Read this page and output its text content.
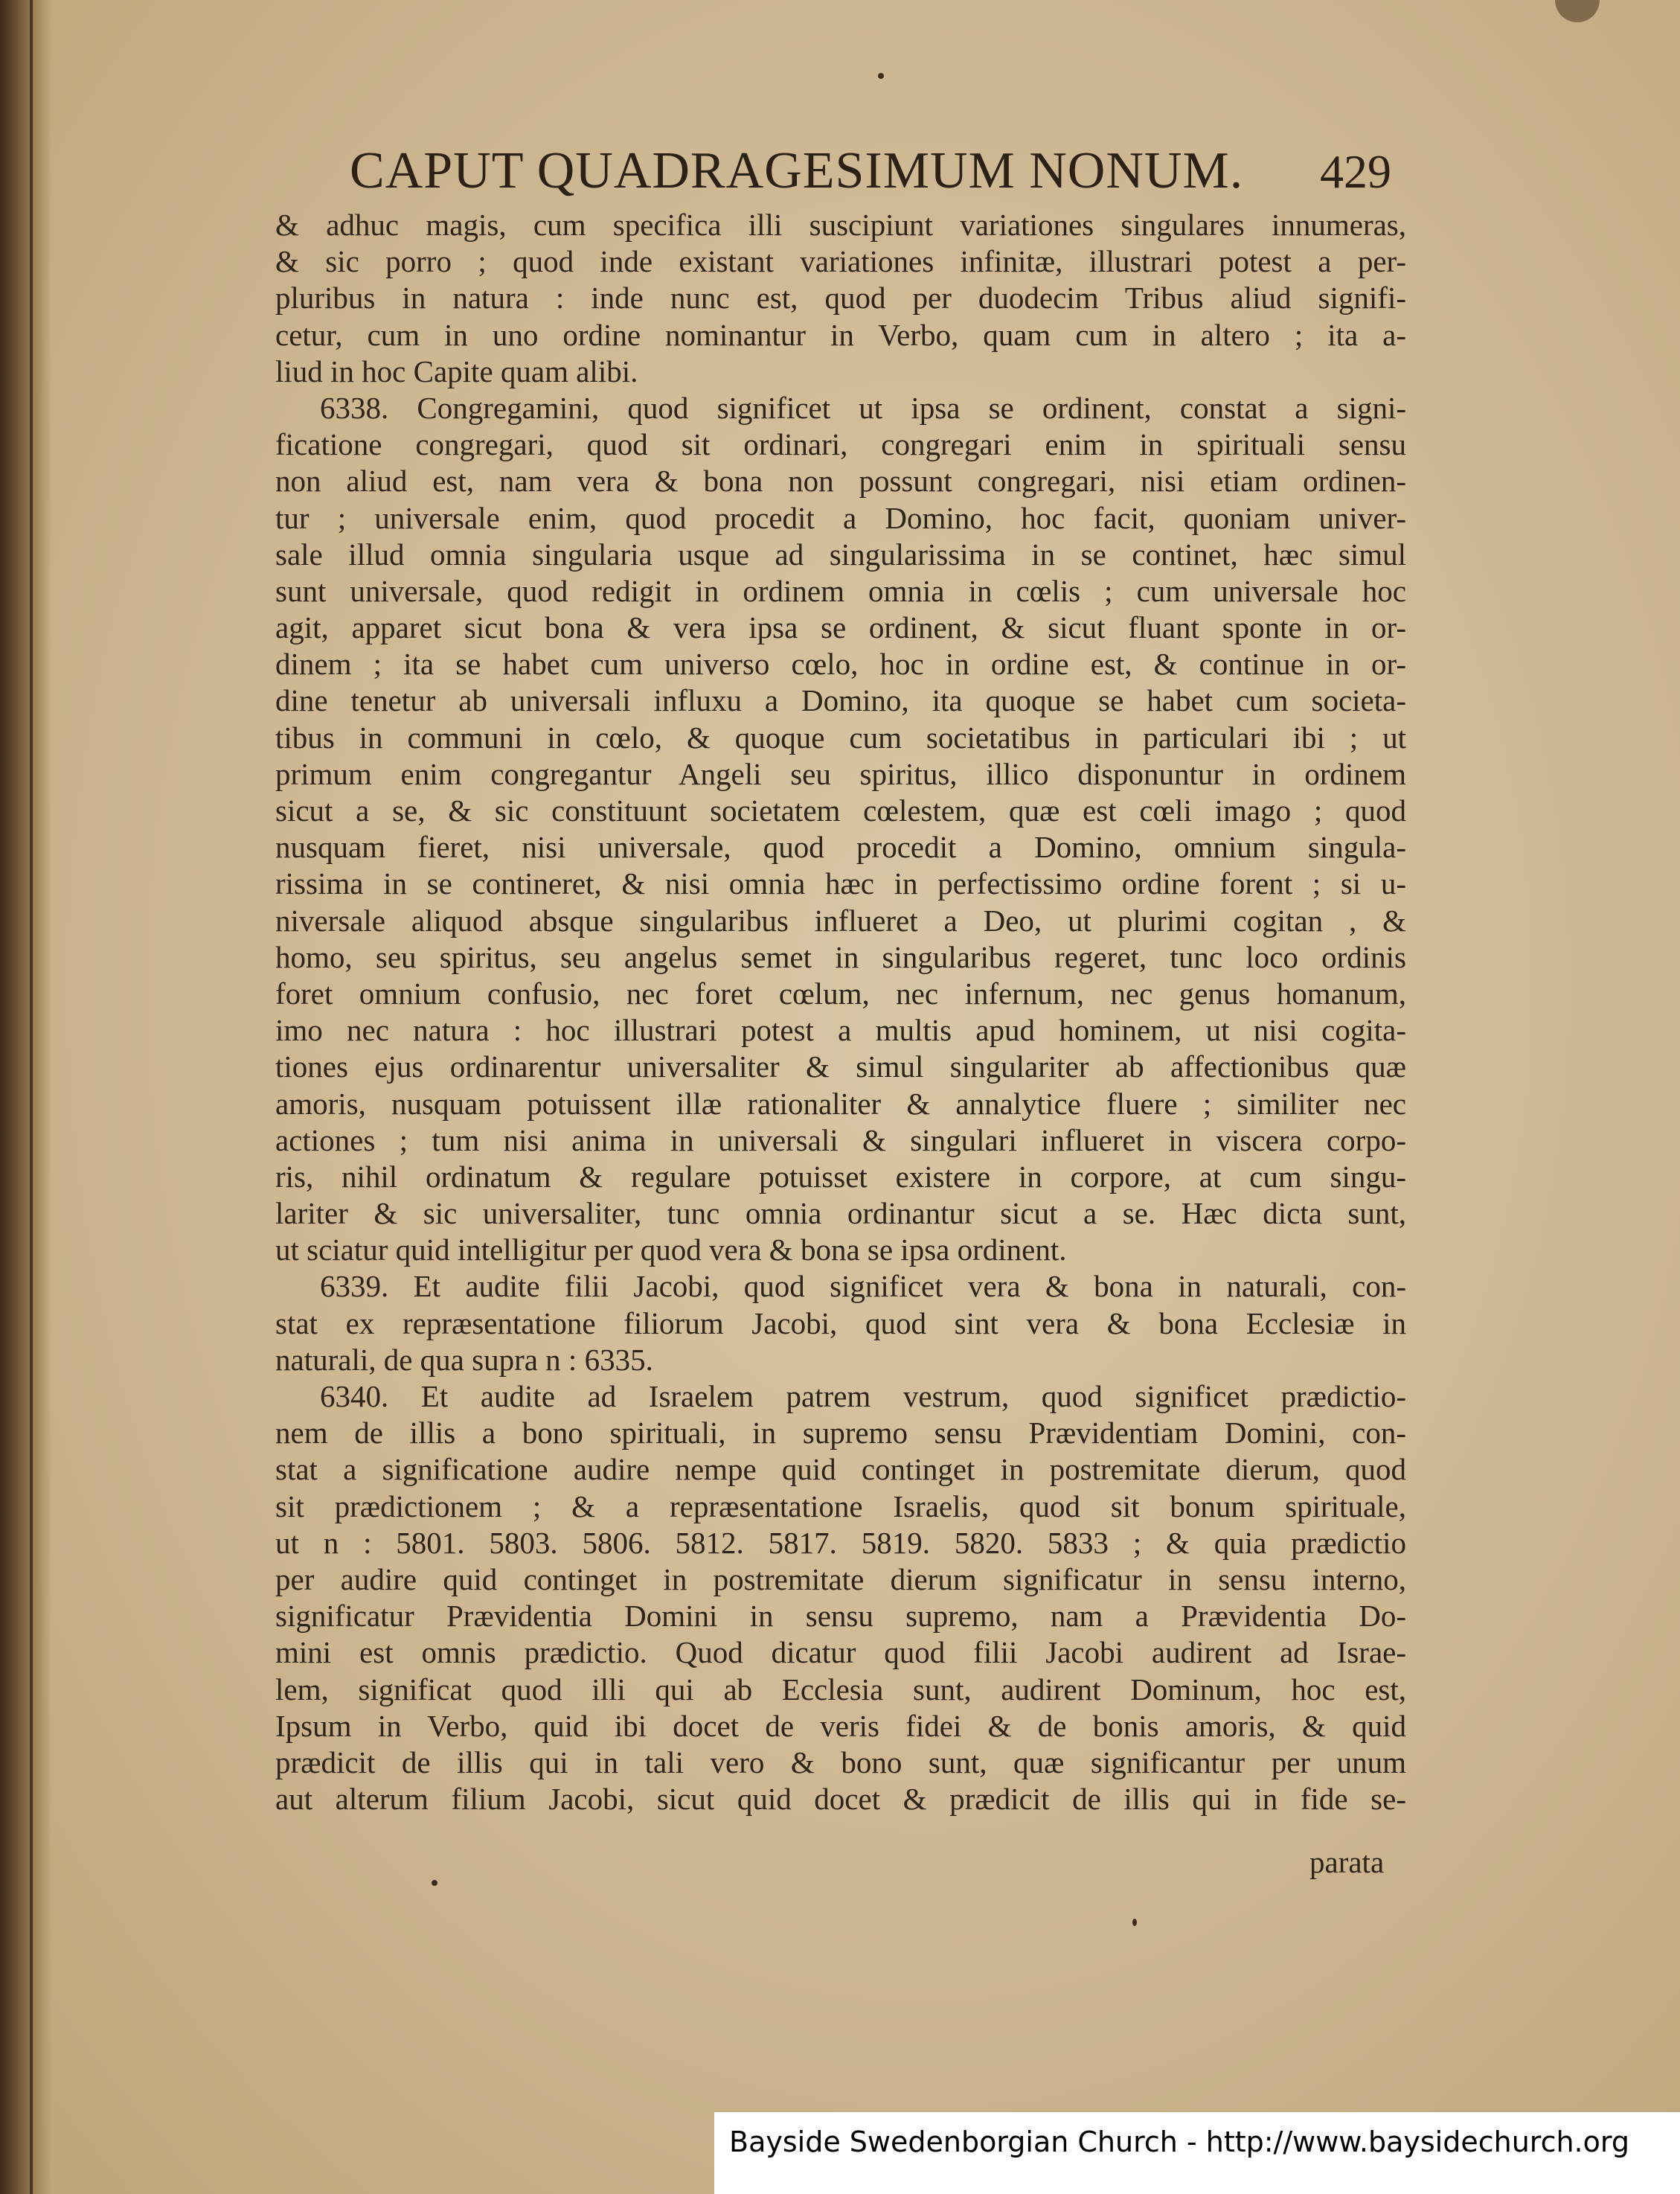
CAPUT QUADRAGESIMUM NONUM. 429
& adhuc magis, cum specifica illi suscipiunt variationes singulares innumeras,
& sic porro ; quod inde existant variationes infinitæ, illustrari potest a per-
pluribus in natura : inde nunc est, quod per duodecim Tribus aliud signifi-
cetur, cum in uno ordine nominantur in Verbo, quam cum in altero ; ita a-
liud in hoc Capite quam alibi.
6338. Congregamini, quod significet ut ipsa se ordinent, constat a signi-
ficatione congregari, quod sit ordinari, congregari enim in spirituali sensu
non aliud est, nam vera & bona non possunt congregari, nisi etiam ordinen-
tur ; universale enim, quod procedit a Domino, hoc facit, quoniam univer-
sale illud omnia singularia usque ad singularissima in se continet, hæc simul
sunt universale, quod redigit in ordinem omnia in cœlis ; cum universale hoc
agit, apparet sicut bona & vera ipsa se ordinent, & sicut fluant sponte in or-
dinem ; ita se habet cum universo cœlo, hoc in ordine est, & continue in or-
dine tenetur ab universali influxu a Domino, ita quoque se habet cum societa-
tibus in communi in cœlo, & quoque cum societatibus in particulari ibi ; ut
primum enim congregantur Angeli seu spiritus, illico disponuntur in ordinem
sicut a se, & sic constituunt societatem cœlestem, quæ est cœli imago ; quod
nusquam fieret, nisi universale, quod procedit a Domino, omnium singula-
rissima in se contineret, & nisi omnia hæc in perfectissimo ordine forent ; si u-
niversale aliquod absque singularibus influeret a Deo, ut plurimi cogitan , &
homo, seu spiritus, seu angelus semet in singularibus regeret, tunc loco ordinis
foret omnium confusio, nec foret cœlum, nec infernum, nec genus homanum,
imo nec natura : hoc illustrari potest a multis apud hominem, ut nisi cogita-
tiones ejus ordinarentur universaliter & simul singulariter ab affectionibus quæ
amoris, nusquam potuissent illæ rationaliter & annalytice fluere ; similiter nec
actiones ; tum nisi anima in universali & singulari influeret in viscera corpo-
ris, nihil ordinatum & regulare potuisset existere in corpore, at cum singu-
lariter & sic universaliter, tunc omnia ordinantur sicut a se. Hæc dicta sunt,
ut sciatur quid intelligitur per quod vera & bona se ipsa ordinent.
6339. Et audite filii Jacobi, quod significet vera & bona in naturali, con-
stat ex repræsentatione filiorum Jacobi, quod sint vera & bona Ecclesiæ in
naturali, de qua supra n : 6335.
6340. Et audite ad Israelem patrem vestrum, quod significet prædictio-
nem de illis a bono spirituali, in supremo sensu Prævidentiam Domini, con-
stat a significatione audire nempe quid continget in postremitate dierum, quod
sit prædictionem ; & a repræsentatione Israelis, quod sit bonum spirituale,
ut n : 5801. 5803. 5806. 5812. 5817. 5819. 5820. 5833 ; & quia prædictio
per audire quid continget in postremitate dierum significatur in sensu interno,
significatur Prævidentia Domini in sensu supremo, nam a Prævidentia Do-
mini est omnis prædictio. Quod dicatur quod filii Jacobi audirent ad Israe-
lem, significat quod illi qui ab Ecclesia sunt, audirent Dominum, hoc est,
Ipsum in Verbo, quid ibi docet de veris fidei & de bonis amoris, & quid
prædicit de illis qui in tali vero & bono sunt, quæ significantur per unum
aut alterum filium Jacobi, sicut quid docet & prædicit de illis qui in fide se-
parata
Bayside Swedenborgian Church - http://www.baysidechurch.org
